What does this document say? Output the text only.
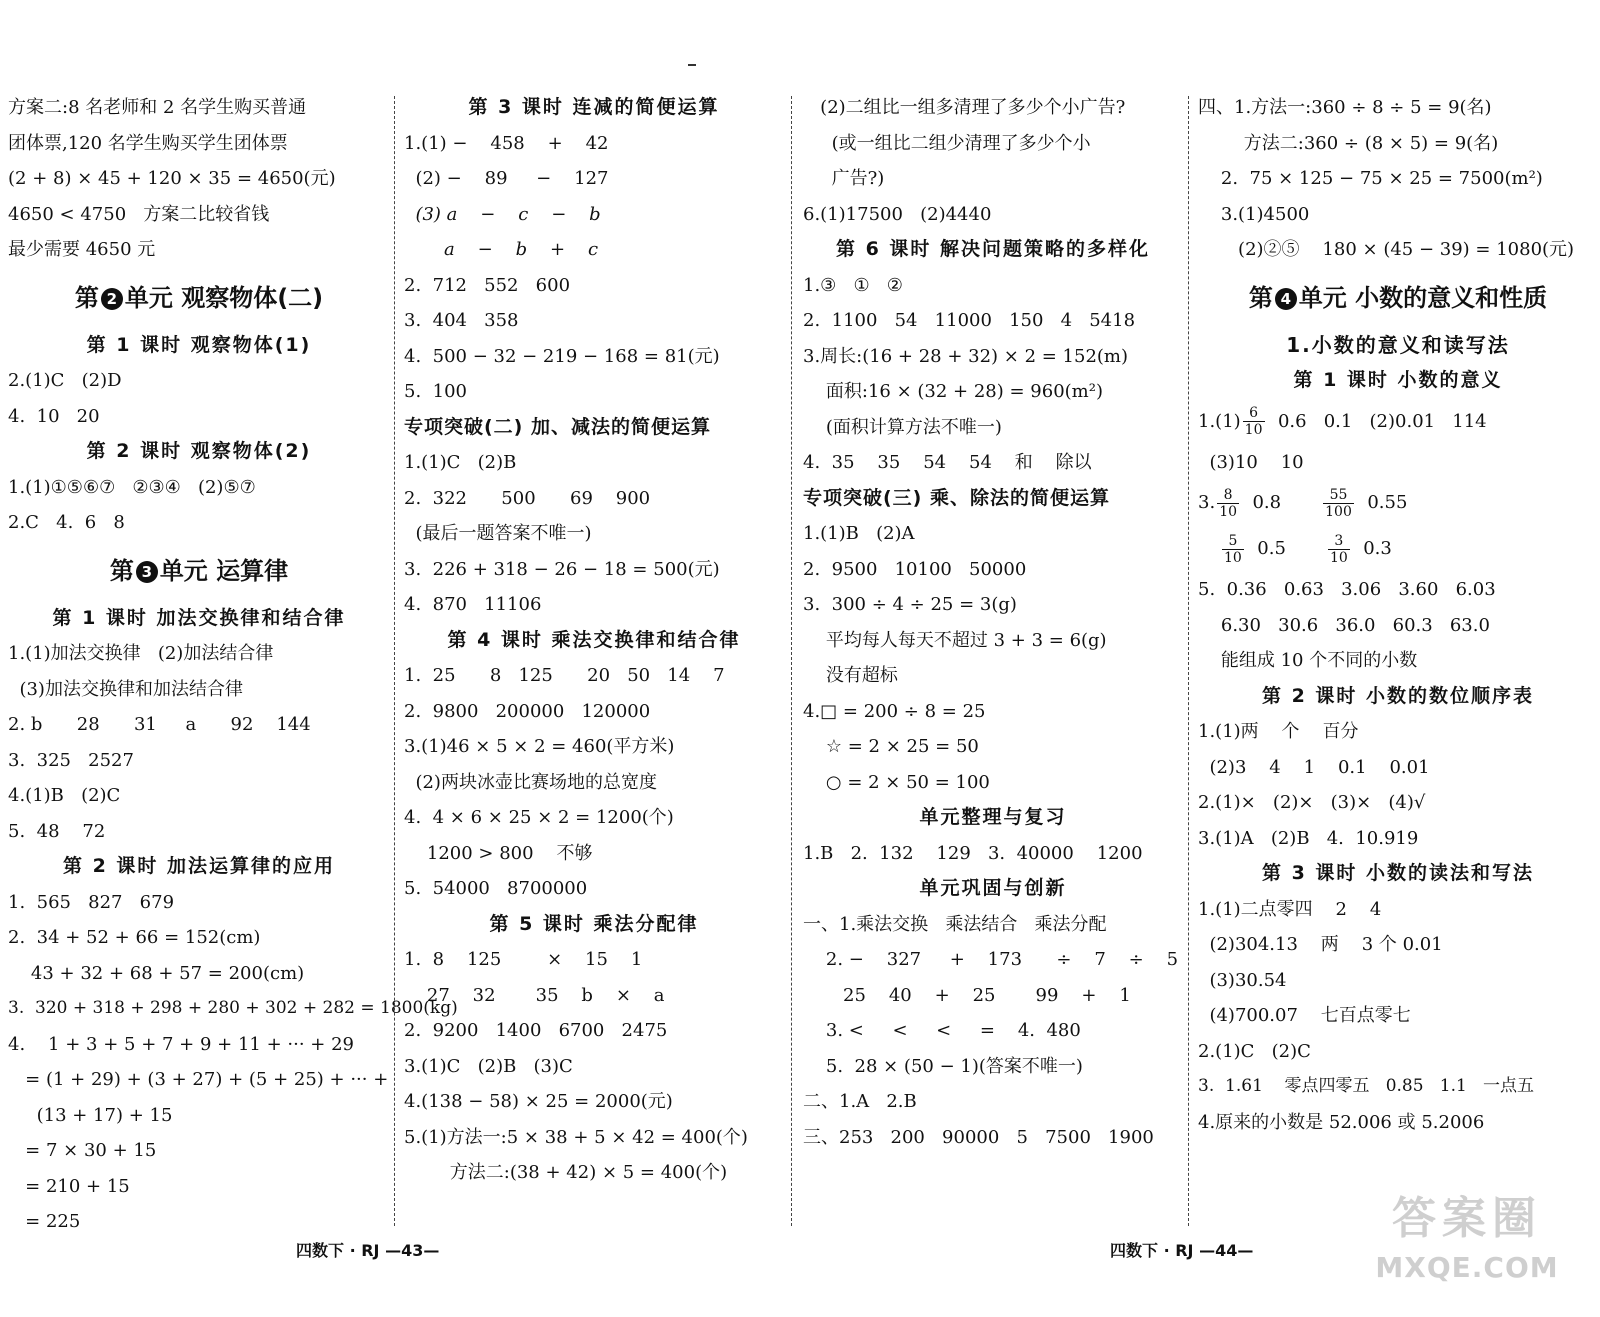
方案二:8 名老师和 2 名学生购买普通
团体票,120 名学生购买学生团体票
(2 + 8) × 45 + 120 × 35 = 4650(元)
4650 < 4750   方案二比较省钱
最少需要 4650 元
第 2 单元 观察物体(二)
第 1 课时 观察物体(1)
2.(1)C   (2)D
4.  10   20
第 2 课时 观察物体(2)
1.(1)①⑤⑥⑦   ②③④   (2)⑤⑦
2.C   4.  6   8
第 3 单元 运算律
第 1 课时 加法交换律和结合律
1.(1)加法交换律   (2)加法结合律
(3)加法交换律和加法结合律
2. b      28      31     a      92    144
3.  325   2527
4.(1)B   (2)C
5.  48    72
第 2 课时 加法运算律的应用
1.  565   827   679
2.  34 + 52 + 66 = 152(cm)
43 + 32 + 68 + 57 = 200(cm)
3.  320 + 318 + 298 + 280 + 302 + 282 = 1800(kg)
4.    1 + 3 + 5 + 7 + 9 + 11 + ··· + 29
= (1 + 29) + (3 + 27) + (5 + 25) + ··· +
(13 + 17) + 15
= 7 × 30 + 15
= 210 + 15
= 225
第 3 课时 连减的简便运算
1.(1) −    458    +    42
(2) −    89     −    127
(3) a    −    c    −    b
a    −    b    +    c
2.  712   552   600
3.  404   358
4.  500 − 32 − 219 − 168 = 81(元)
5.  100
专项突破(二) 加、减法的简便运算
1.(1)C   (2)B
2.  322      500      69    900
(最后一题答案不唯一)
3.  226 + 318 − 26 − 18 = 500(元)
4.  870   11106
第 4 课时 乘法交换律和结合律
1.  25      8   125      20   50   14    7
2.  9800   200000   120000
3.(1)46 × 5 × 2 = 460(平方米)
(2)两块冰壶比赛场地的总宽度
4.  4 × 6 × 25 × 2 = 1200(个)
1200 > 800    不够
5.  54000   8700000
第 5 课时 乘法分配律
1.  8    125        ×    15    1
27    32       35    b    ×    a
2.  9200   1400   6700   2475
3.(1)C   (2)B   (3)C
4.(138 − 58) × 25 = 2000(元)
5.(1)方法一:5 × 38 + 5 × 42 = 400(个)
方法二:(38 + 42) × 5 = 400(个)
(2)二组比一组多清理了多少个小广告?
(或一组比二组少清理了多少个小
广告?)
6.(1)17500   (2)4440
第 6 课时 解决问题策略的多样化
1.③   ①   ②
2.  1100   54   11000   150   4   5418
3.周长:(16 + 28 + 32) × 2 = 152(m)
面积:16 × (32 + 28) = 960(m²)
(面积计算方法不唯一)
4.  35    35    54    54    和    除以
专项突破(三) 乘、除法的简便运算
1.(1)B   (2)A
2.  9500   10100   50000
3.  300 ÷ 4 ÷ 25 = 3(g)
平均每人每天不超过 3 + 3 = 6(g)
没有超标
4.□ = 200 ÷ 8 = 25
☆ = 2 × 25 = 50
○ = 2 × 50 = 100
单元整理与复习
1.B   2.  132    129   3.  40000    1200
单元巩固与创新
一、1.乘法交换   乘法结合   乘法分配
2. −    327     +    173      ÷    7    ÷    5
25    40    +    25       99    +    1
3. <     <     <     =    4.  480
5.  28 × (50 − 1)(答案不唯一)
二、1.A   2.B
三、253   200   90000   5   7500   1900
四、1.方法一:360 ÷ 8 ÷ 5 = 9(名)
方法二:360 ÷ (8 × 5) = 9(名)
2.  75 × 125 − 75 × 25 = 7500(m²)
3.(1)4500
(2)②⑤    180 × (45 − 39) = 1080(元)
第 4 单元 小数的意义和性质
1.小数的意义和读写法
第 1 课时 小数的意义
$1.(1) \frac{6}{10} 0.6$   0.1   (2)0.01   114
(3)10    10
3. $\frac{8}{10} 0.8 \frac{55}{100} 0.55$
$\frac{5}{10} 0.5 \frac{3}{10} 0.3$
5.  0.36   0.63   3.06   3.60   6.03
6.30   30.6   36.0   60.3   63.0
能组成 10 个不同的小数
第 2 课时 小数的数位顺序表
1.(1)两    个    百分
(2)3    4    1    0.1    0.01
2.(1)×   (2)×   (3)×   (4)√
3.(1)A   (2)B   4.  10.919
第 3 课时 小数的读法和写法
1.(1)二点零四    2    4
(2)304.13    两    3 个 0.01
(3)30.54
(4)700.07    七百点零七
2.(1)C   (2)C
3.  1.61    零点四零五   0.85   1.1   一点五
4.原来的小数是 52.006 或 5.2006
四数下 · RJ —43—	四数下 · RJ —44—
答案圈
MXQE.COM
